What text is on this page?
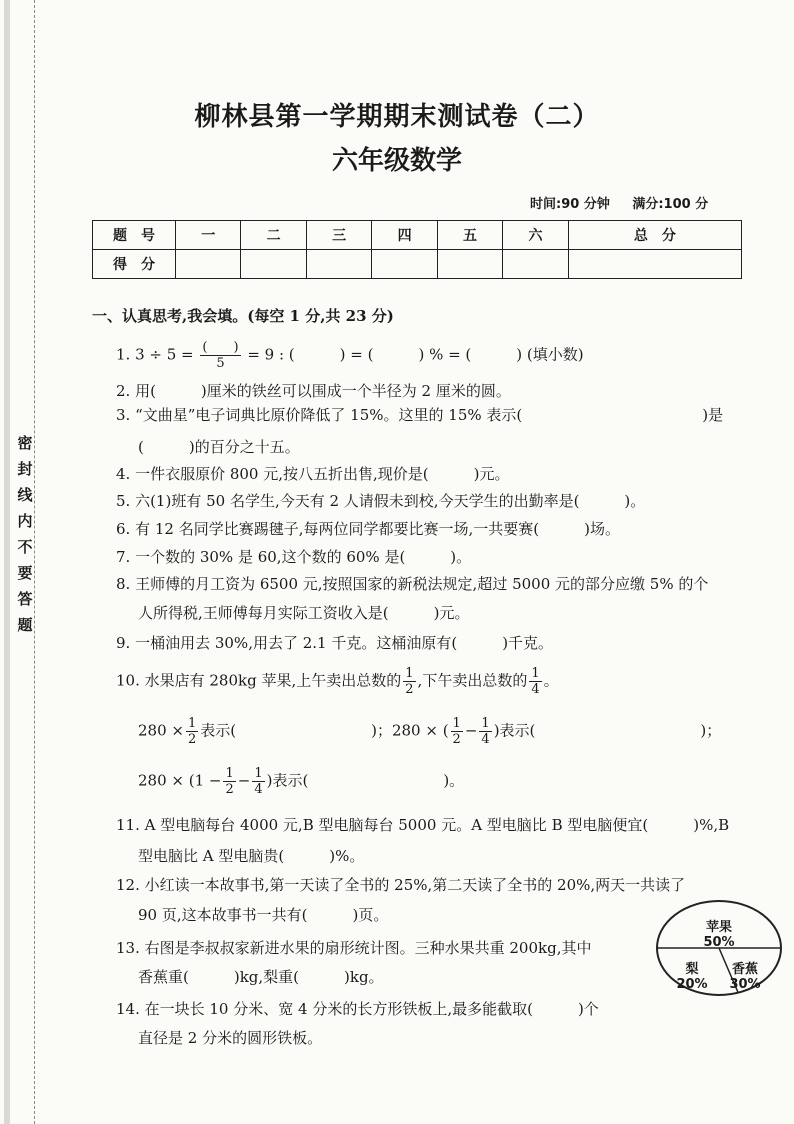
密封线内不要答题
柳林县第一学期期末测试卷（二）
六年级数学
时间:90 分钟 满分:100 分
题　号	一	二	三	四	五	六	总　分
得　分							
一、认真思考,我会填。(每空 1 分,共 23 分)
1. $3 \div 5 = \frac{( )}{5} = 9$ : (　　　) = (　　　) % = (　　　) (填小数)
2. 用(　　　)厘米的铁丝可以围成一个半径为 2 厘米的圆。
3. “文曲星”电子词典比原价降低了 15%。这里的 15% 表示(　　　　　　　　　　　　)是
(　　　)的百分之十五。
4. 一件衣服原价 800 元,按八五折出售,现价是(　　　)元。
5. 六(1)班有 50 名学生,今天有 2 人请假未到校,今天学生的出勤率是(　　　)。
6. 有 12 名同学比赛踢毽子,每两位同学都要比赛一场,一共要赛(　　　)场。
7. 一个数的 30% 是 60,这个数的 60% 是(　　　)。
8. 王师傅的月工资为 6500 元,按照国家的新税法规定,超过 5000 元的部分应缴 5% 的个
人所得税,王师傅每月实际工资收入是(　　　)元。
9. 一桶油用去 30%,用去了 2.1 千克。这桶油原有(　　　)千克。
10. 水果店有 280kg 苹果,上午卖出总数的 $\frac{1}{2}$ ,下午卖出总数的 $\frac{1}{4}$ 。
$280 \times \frac{1}{2}$ 表示(　　　　　　　　　)；280 × ( $\frac{1}{2} - \frac{1}{4}$ )表示(　　　　　　　　　　　)；
$280 \times (1 - \frac{1}{2} - \frac{1}{4}$ )表示(　　　　　　　　　)。
11. A 型电脑每台 4000 元,B 型电脑每台 5000 元。A 型电脑比 B 型电脑便宜(　　　)%,B
型电脑比 A 型电脑贵(　　　)%。
12. 小红读一本故事书,第一天读了全书的 25%,第二天读了全书的 20%,两天一共读了
90 页,这本故事书一共有(　　　)页。
13. 右图是李叔叔家新进水果的扇形统计图。三种水果共重 200kg,其中
香蕉重(　　　)kg,梨重(　　　)kg。
14. 在一块长 10 分米、宽 4 分米的长方形铁板上,最多能截取(　　　)个
直径是 2 分米的圆形铁板。
苹果
50%
梨
20%
香蕉
30%
